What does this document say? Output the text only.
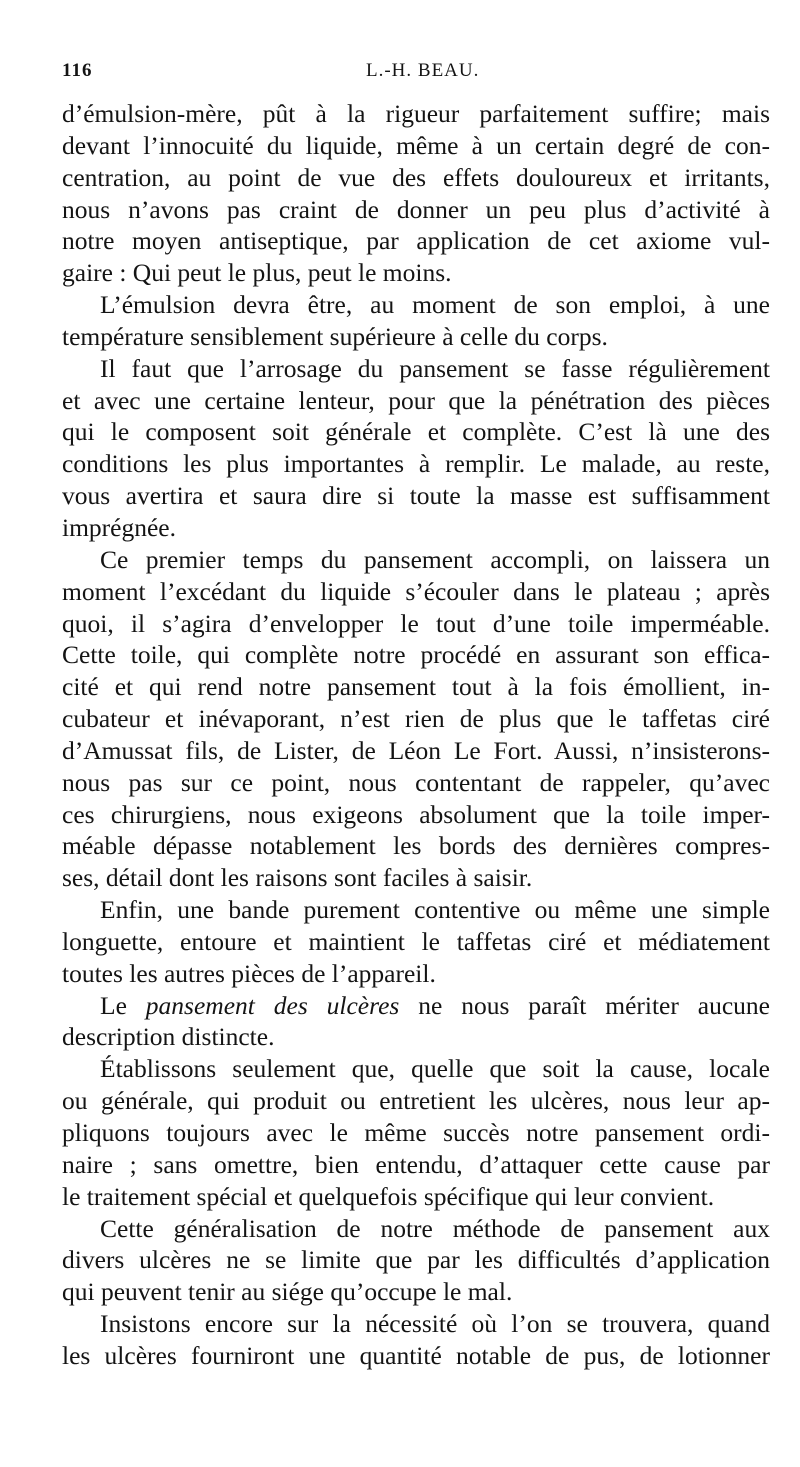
116	L.-H. BEAU.
d’émulsion-mère, pût à la rigueur parfaitement suffire; mais
devant l’innocuité du liquide, même à un certain degré de con-
centration, au point de vue des effets douloureux et irritants,
nous n’avons pas craint de donner un peu plus d’activité à
notre moyen antiseptique, par application de cet axiome vul-
gaire : Qui peut le plus, peut le moins.
L’émulsion devra être, au moment de son emploi, à une
température sensiblement supérieure à celle du corps.
Il faut que l’arrosage du pansement se fasse régulièrement
et avec une certaine lenteur, pour que la pénétration des pièces
qui le composent soit générale et complète. C’est là une des
conditions les plus importantes à remplir. Le malade, au reste,
vous avertira et saura dire si toute la masse est suffisamment
imprégnée.
Ce premier temps du pansement accompli, on laissera un
moment l’excédant du liquide s’écouler dans le plateau ; après
quoi, il s’agira d’envelopper le tout d’une toile imperméable.
Cette toile, qui complète notre procédé en assurant son effica-
cité et qui rend notre pansement tout à la fois émollient, in-
cubateur et inévaporant, n’est rien de plus que le taffetas ciré
d’Amussat fils, de Lister, de Léon Le Fort. Aussi, n’insisterons-
nous pas sur ce point, nous contentant de rappeler, qu’avec
ces chirurgiens, nous exigeons absolument que la toile imper-
méable dépasse notablement les bords des dernières compres-
ses, détail dont les raisons sont faciles à saisir.
Enfin, une bande purement contentive ou même une simple
longuette, entoure et maintient le taffetas ciré et médiatement
toutes les autres pièces de l’appareil.
Le pansement des ulcères ne nous paraît mériter aucune
description distincte.
Établissons seulement que, quelle que soit la cause, locale
ou générale, qui produit ou entretient les ulcères, nous leur ap-
pliquons toujours avec le même succès notre pansement ordi-
naire ; sans omettre, bien entendu, d’attaquer cette cause par
le traitement spécial et quelquefois spécifique qui leur convient.
Cette généralisation de notre méthode de pansement aux
divers ulcères ne se limite que par les difficultés d’application
qui peuvent tenir au siége qu’occupe le mal.
Insistons encore sur la nécessité où l’on se trouvera, quand
les ulcères fourniront une quantité notable de pus, de lotionner
